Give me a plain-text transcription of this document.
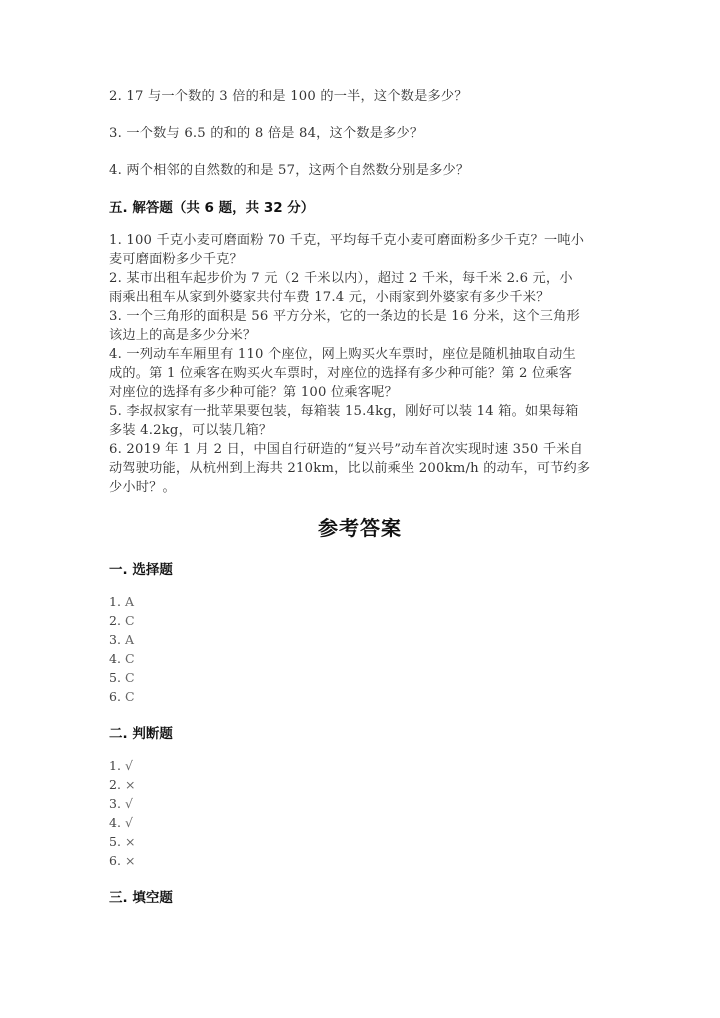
2. 17 与一个数的 3 倍的和是 100 的一半，这个数是多少？
3. 一个数与 6.5 的和的 8 倍是 84，这个数是多少？
4. 两个相邻的自然数的和是 57，这两个自然数分别是多少？
五. 解答题（共 6 题，共 32 分）
1. 100 千克小麦可磨面粉 70 千克，平均每千克小麦可磨面粉多少千克？一吨小
麦可磨面粉多少千克？
2. 某市出租车起步价为 7 元（2 千米以内），超过 2 千米，每千米 2.6 元，小
雨乘出租车从家到外婆家共付车费 17.4 元，小雨家到外婆家有多少千米？
3. 一个三角形的面积是 56 平方分米，它的一条边的长是 16 分米，这个三角形
该边上的高是多少分米？
4. 一列动车车厢里有 110 个座位，网上购买火车票时，座位是随机抽取自动生
成的。第 1 位乘客在购买火车票时，对座位的选择有多少种可能？第 2 位乘客
对座位的选择有多少种可能？第 100 位乘客呢？
5. 李叔叔家有一批苹果要包装，每箱装 15.4kg，刚好可以装 14 箱。如果每箱
多装 4.2kg，可以装几箱？
6. 2019 年 1 月 2 日，中国自行研造的“复兴号”动车首次实现时速 350 千米自
动驾驶功能，从杭州到上海共 210km，比以前乘坐 200km/h 的动车，可节约多
少小时？。
参考答案
一. 选择题
1. A
2. C
3. A
4. C
5. C
6. C
二. 判断题
1. √
2. ×
3. √
4. √
5. ×
6. ×
三. 填空题
